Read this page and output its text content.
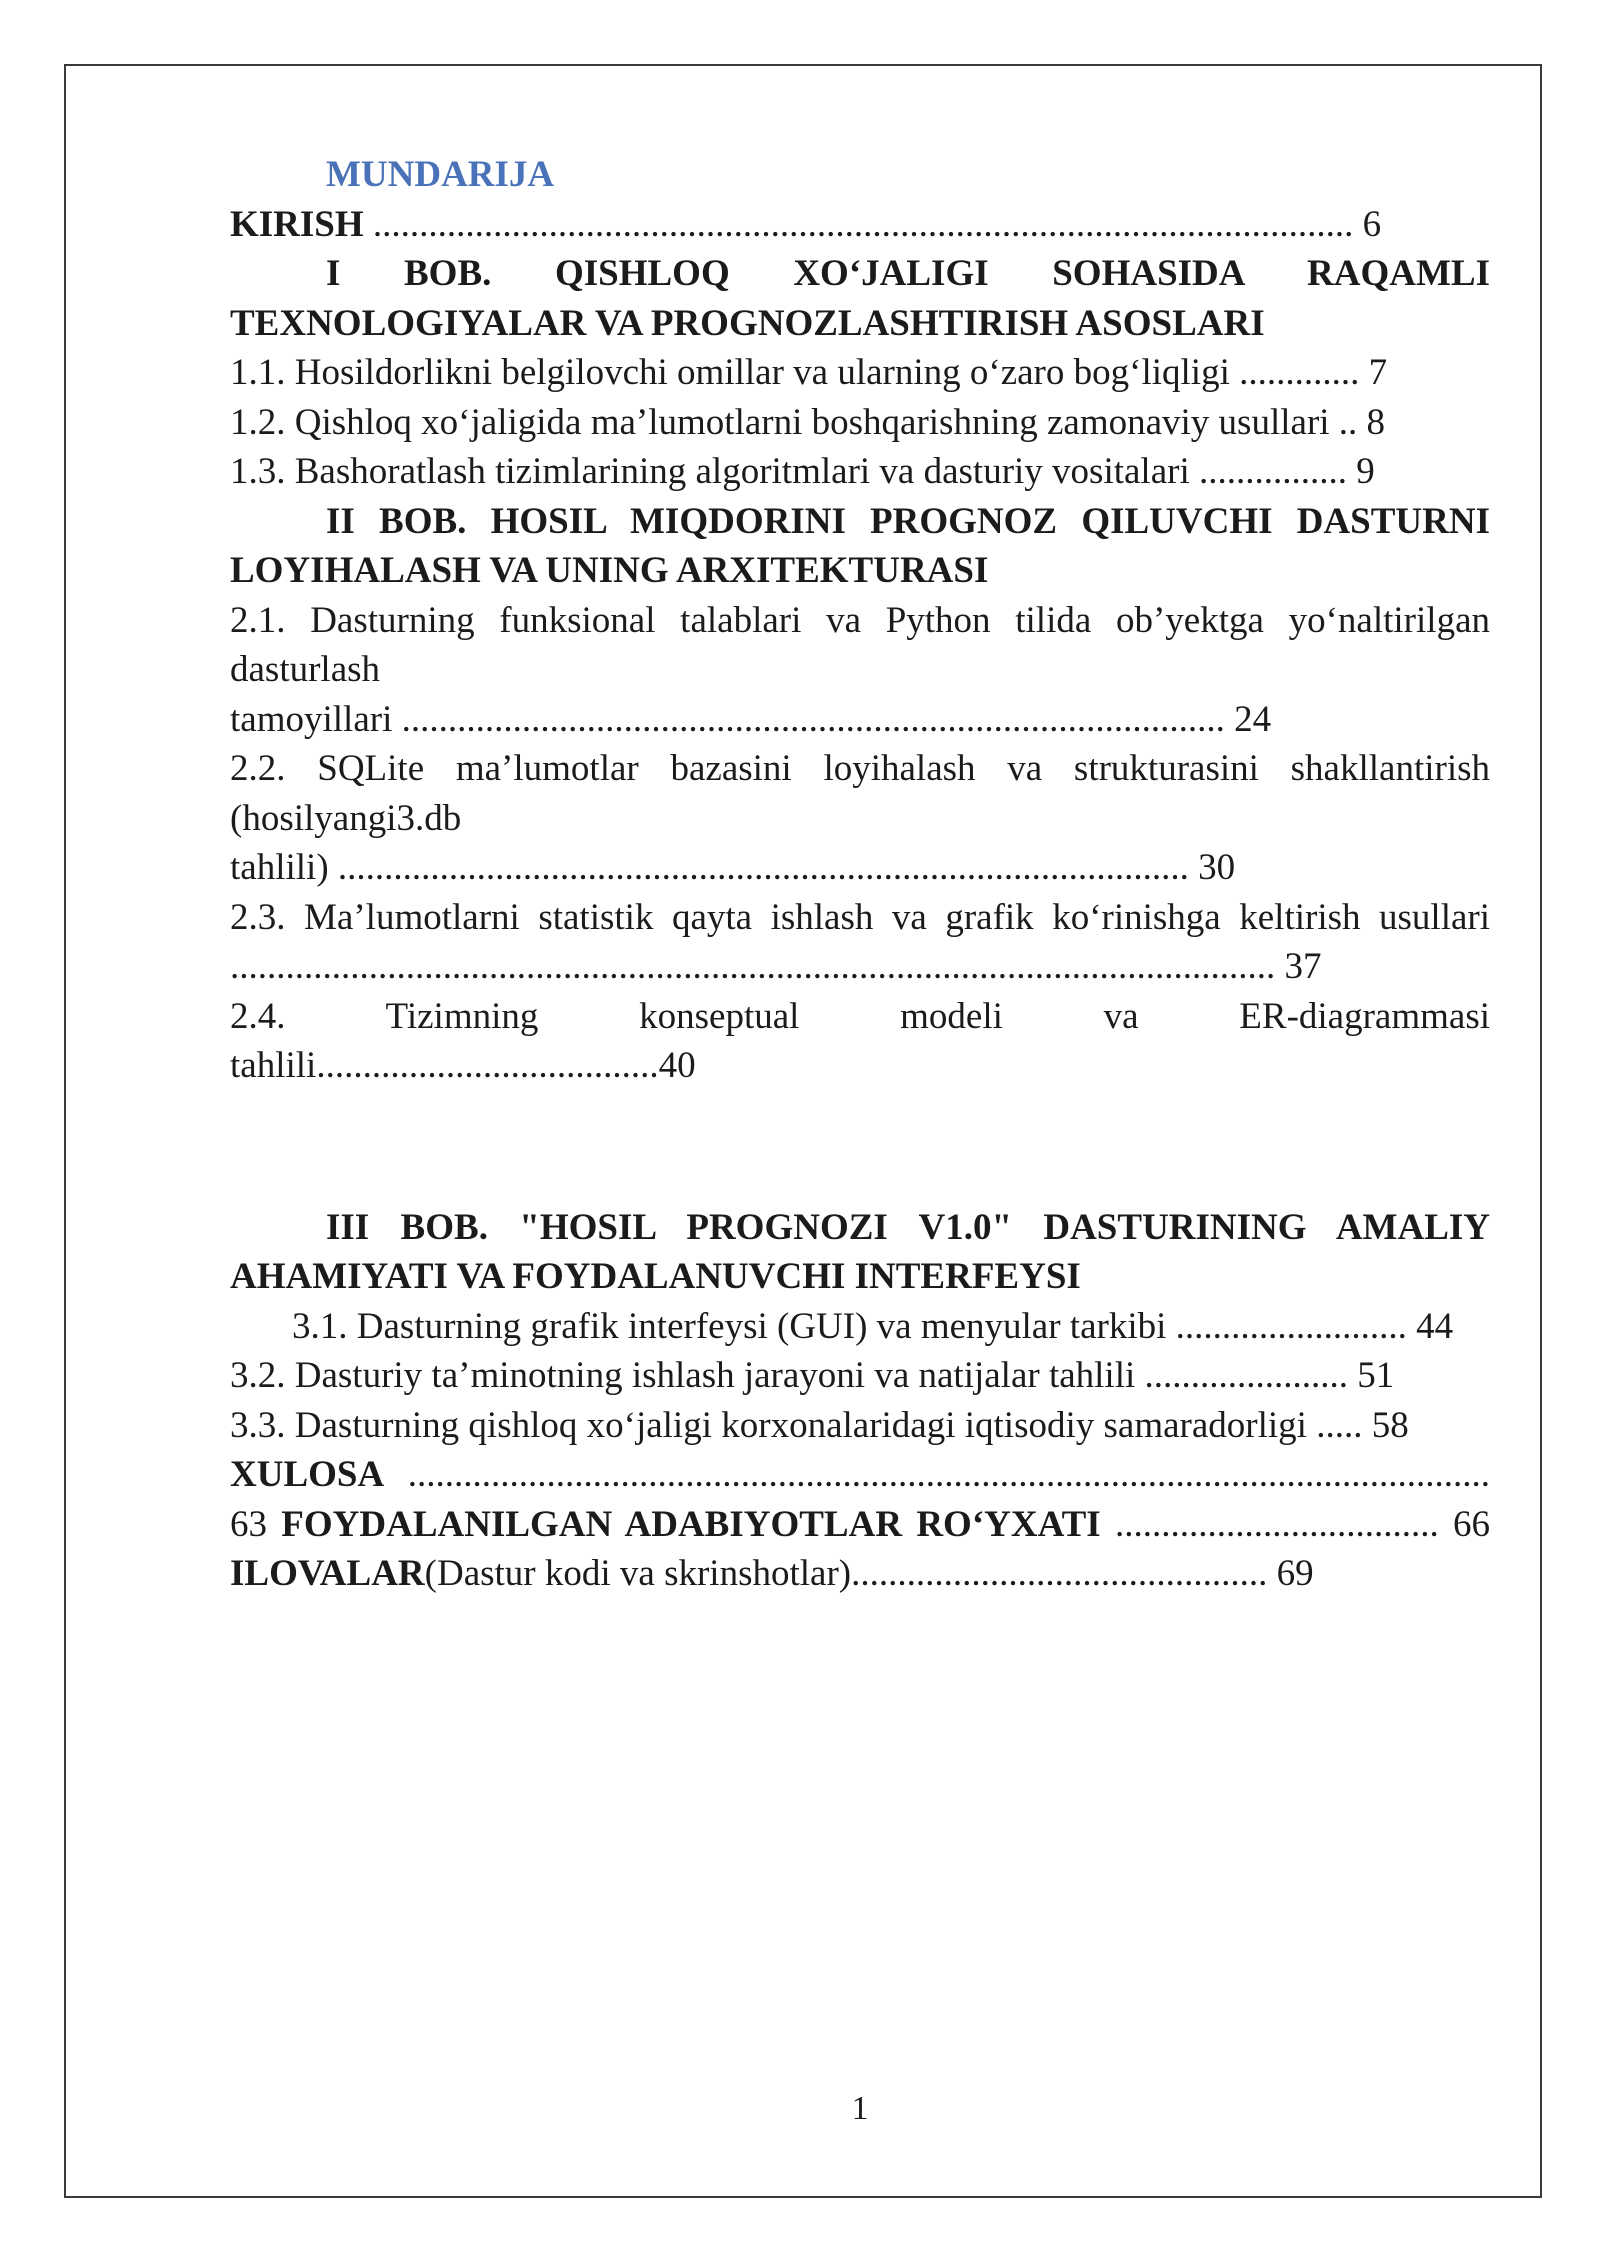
MUNDARIJA

KIRISH .......................................................................................................... 6

I BOB. QISHLOQ XO‘JALIGI SOHASIDA RAQAMLI TEXNOLOGIYALAR VA PROGNOZLASHTIRISH ASOSLARI

1.1. Hosildorlikni belgilovchi omillar va ularning o‘zaro bog‘liqligi ............. 7

1.2. Qishloq xo‘jaligida ma’lumotlarni boshqarishning zamonaviy usullari .. 8

1.3. Bashoratlash tizimlarining algoritmlari va dasturiy vositalari ................ 9

II BOB. HOSIL MIQDORINI PROGNOZ QILUVCHI DASTURNI LOYIHALASH VA UNING ARXITEKTURASI

2.1. Dasturning funksional talablari va Python tilida ob’yektga yo‘naltirilgan dasturlash

tamoyillari ......................................................................................... 24

2.2. SQLite ma’lumotlar bazasini loyihalash va strukturasini shakllantirish (hosilyangi3.db

tahlili) ............................................................................................ 30

2.3. Ma’lumotlarni statistik qayta ishlash va grafik ko‘rinishga keltirish usullari ................................................................................................................. 37

2.4. Tizimning konseptual modeli va ER-diagrammasi tahlili.....................................40

III BOB. "HOSIL PROGNOZI V1.0" DASTURINING AMALIY AHAMIYATI VA FOYDALANUVCHI INTERFEYSI

3.1. Dasturning grafik interfeysi (GUI) va menyular tarkibi ......................... 44

3.2. Dasturiy ta’minotning ishlash jarayoni va natijalar tahlili ...................... 51

3.3. Dasturning qishloq xo‘jaligi korxonalaridagi iqtisodiy samaradorligi ..... 58

XULOSA ..................................................................................................................... 63 FOYDALANILGAN ADABIYOTLAR RO‘YXATI ................................... 66 ILOVALAR(Dastur kodi va skrinshotlar)............................................. 69

1
